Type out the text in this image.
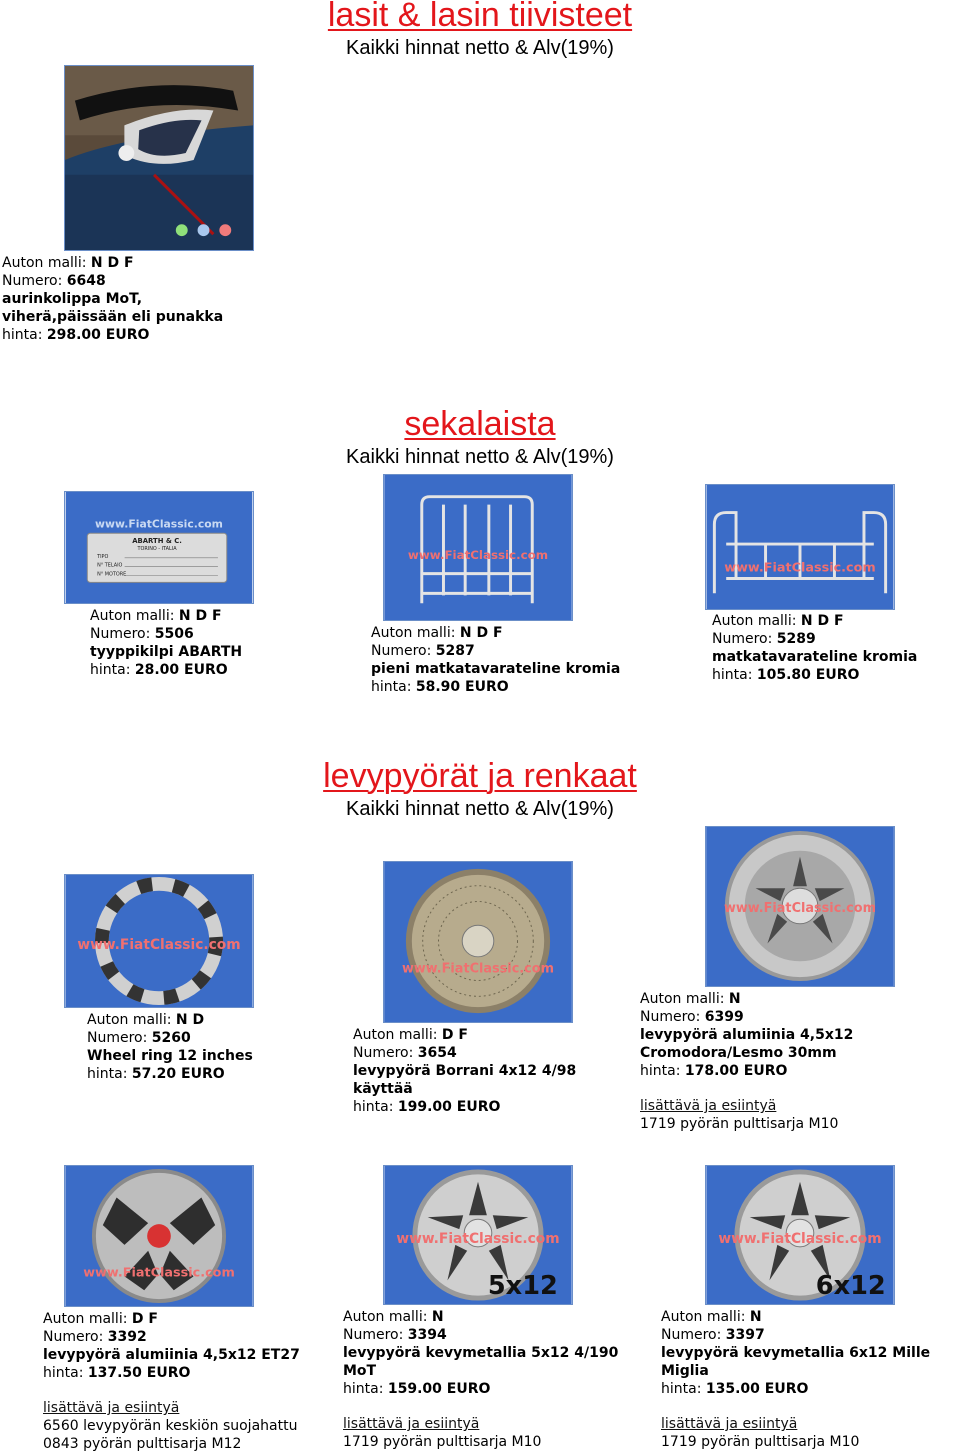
lasit & lasin tiivisteet
Kaikki hinnat netto & Alv(19%)
Auton malli: N D F
Numero: 6648
aurinkolippa MoT, viherä,päissään eli punakka
hinta: 298.00 EURO
sekalaista
Kaikki hinnat netto & Alv(19%)
www.FiatClassic.com
ABARTH & C.
TORINO - ITALIA
TIPO
N° TELAIO
N° MOTORE
Auton malli: N D F
Numero: 5506
tyyppikilpi ABARTH
hinta: 28.00 EURO
www.FiatClassic.com
Auton malli: N D F
Numero: 5287
pieni matkatavarateline kromia
hinta: 58.90 EURO
www.FiatClassic.com
Auton malli: N D F
Numero: 5289
matkatavarateline kromia
hinta: 105.80 EURO
levypyörät ja renkaat
Kaikki hinnat netto & Alv(19%)
www.FiatClassic.com
Auton malli: N D
Numero: 5260
Wheel ring 12 inches
hinta: 57.20 EURO
www.FiatClassic.com
Auton malli: D F
Numero: 3654
levypyörä Borrani 4x12 4/98 käyttää
hinta: 199.00 EURO
www.FiatClassic.com
Auton malli: N
Numero: 6399
levypyörä alumiinia 4,5x12 Cromodora/Lesmo 30mm
hinta: 178.00 EURO
lisättävä ja esiintyä
1719 pyörän pulttisarja M10
www.FiatClassic.com
Auton malli: D F
Numero: 3392
levypyörä alumiinia 4,5x12 ET27
hinta: 137.50 EURO
lisättävä ja esiintyä
6560 levypyörän keskiön suojahattu
0843 pyörän pulttisarja M12
www.FiatClassic.com
5x12
Auton malli: N
Numero: 3394
levypyörä kevymetallia 5x12 4/190 MoT
hinta: 159.00 EURO
lisättävä ja esiintyä
1719 pyörän pulttisarja M10
www.FiatClassic.com
6x12
Auton malli: N
Numero: 3397
levypyörä kevymetallia 6x12 Mille Miglia
hinta: 135.00 EURO
lisättävä ja esiintyä
1719 pyörän pulttisarja M10
